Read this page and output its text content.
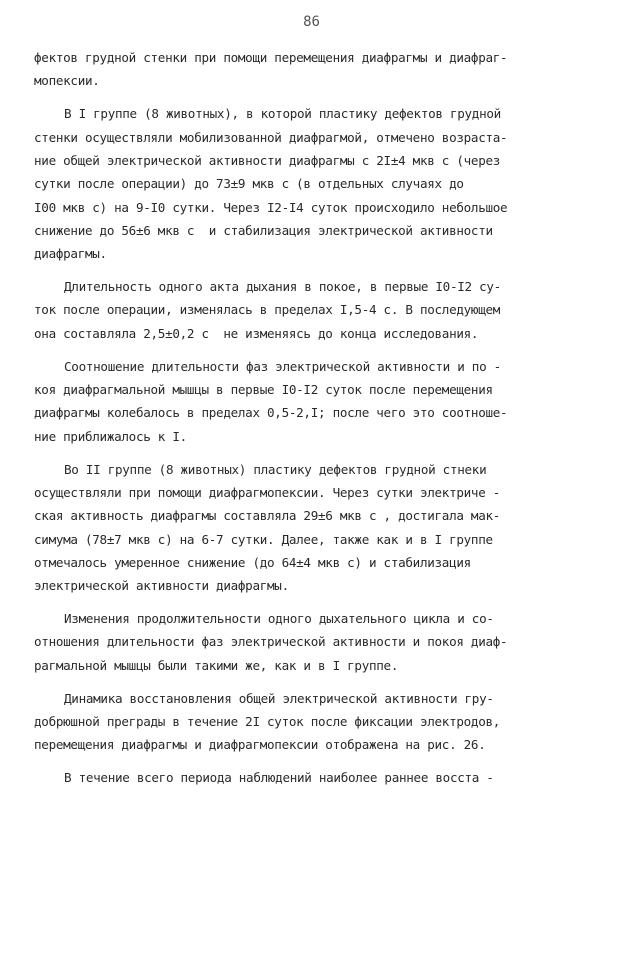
86
фектов грудной стенки при помощи перемещения диафрагмы и диафраг-
мопексии.
В I группе (8 животных), в которой пластику дефектов грудной
стенки осуществляли мобилизованной диафрагмой, отмечено возраста-
ние общей электрической активности диафрагмы с 2I±4 мкв с (через
сутки после операции) до 73±9 мкв с (в отдельных случаях до
I00 мкв с) на 9-I0 сутки. Через I2-I4 суток происходило небольшое
снижение до 56±6 мкв с  и стабилизация электрической активности
диафрагмы.
Длительность одного акта дыхания в покое, в первые I0-I2 су-
ток после операции, изменялась в пределах I,5-4 с. В последующем
она составляла 2,5±0,2 с  не изменяясь до конца исследования.
Соотношение длительности фаз электрической активности и по -
коя диафрагмальной мышцы в первые I0-I2 суток после перемещения
диафрагмы колебалось в пределах 0,5-2,I; после чего это соотноше-
ние приближалось к I.
Во II группе (8 животных) пластику дефектов грудной стнеки
осуществляли при помощи диафрагмопексии. Через сутки электриче -
ская активность диафрагмы составляла 29±6 мкв с , достигала мак-
симума (78±7 мкв с) на 6-7 сутки. Далее, также как и в I группе
отмечалось умеренное снижение (до 64±4 мкв с) и стабилизация
электрической активности диафрагмы.
Изменения продолжительности одного дыхательного цикла и со-
отношения длительности фаз электрической активности и покоя диаф-
рагмальной мышцы были такими же, как и в I группе.
Динамика восстановления общей электрической активности гру-
добрюшной преграды в течение 2I суток после фиксации электродов,
перемещения диафрагмы и диафрагмопексии отображена на рис. 26.
В течение всего периода наблюдений наиболее раннее восста -
